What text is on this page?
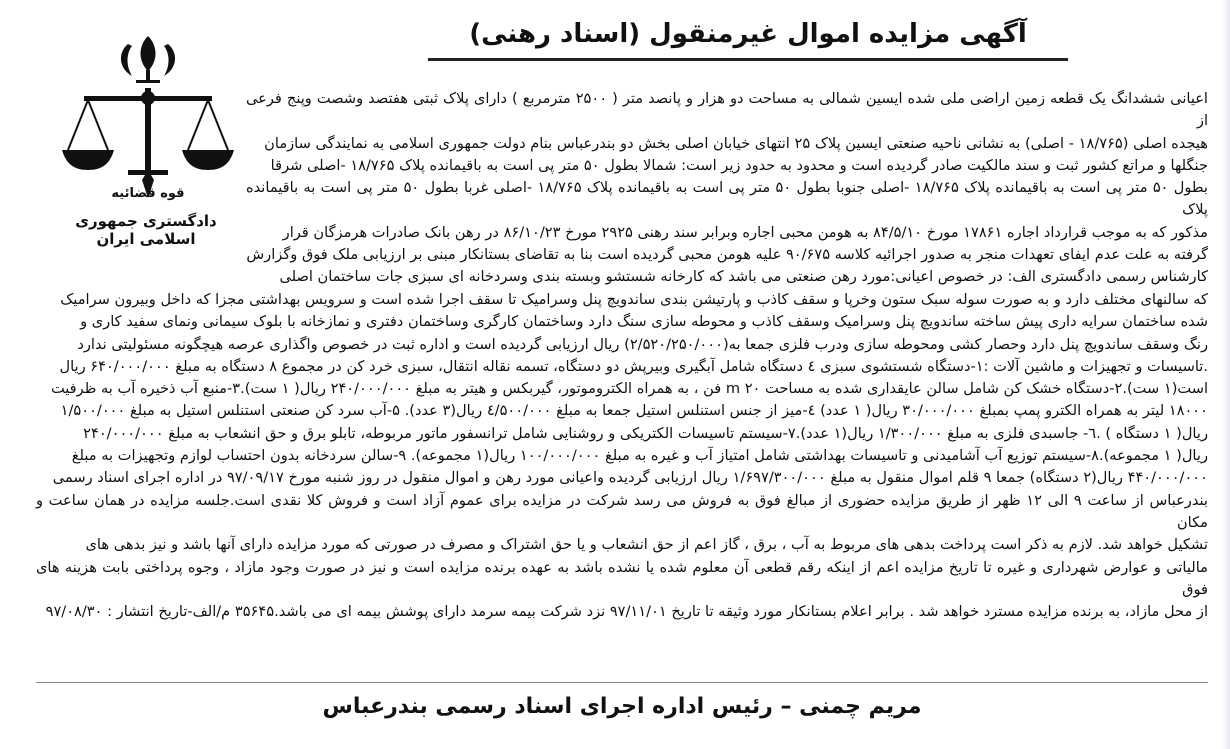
آگهی مزایده اموال غیرمنقول (اسناد رهنی)
قوه قضائیه
دادگستری جمهوری اسلامی ایران

اعیانی ششدانگ یک قطعه زمین اراضی ملی شده ایسین شمالی به مساحت دو هزار و پانصد متر ( ۲۵۰۰ مترمربع ) دارای پلاک ثبتی هفتصد وشصت وپنج فرعی از

هیجده اصلی (۱۸/۷۶۵ - اصلی) به نشانی ناحیه صنعتی ایسین پلاک ۲۵ انتهای خیابان اصلی بخش دو بندرعباس بنام دولت جمهوری اسلامی به نمایندگی سازمان

جنگلها و مراتع کشور ثبت و سند مالکیت صادر گردیده است و محدود به حدود زیر است: شمالا بطول ۵۰ متر پی است به باقیمانده پلاک ۱۸/۷۶۵ -اصلی شرقا

بطول ۵۰ متر پی است به باقیمانده پلاک ۱۸/۷۶۵ -اصلی جنوبا بطول ۵۰ متر پی است به باقیمانده پلاک ۱۸/۷۶۵ -اصلی غربا بطول ۵۰ متر پی است به باقیمانده پلاک

مذکور که به موجب قرارداد اجاره ۱۷۸۶۱ مورخ ۸۴/۵/۱۰ به هومن محبی اجاره وبرابر سند رهنی ۲۹۲۵ مورخ ۸۶/۱۰/۲۳ در رهن بانک صادرات هرمزگان قرار

گرفته به علت عدم ایفای تعهدات منجر به صدور اجرائیه کلاسه ۹۰/۶۷۵ علیه هومن محبی گردیده است بنا به تقاضای بستانکار مبنی بر ارزیابی ملک فوق وگزارش

کارشناس رسمی دادگستری الف: در خصوص اعیانی:مورد رهن صنعتی می باشد که کارخانه شستشو وبسته بندی وسردخانه ای سبزی جات ساختمان اصلی

که سالنهای مختلف دارد و به صورت سوله سبک ستون وخرپا و سقف کاذب و پارتیشن بندی ساندویچ پنل وسرامیک تا سقف اجرا شده است و سرویس بهداشتی مجزا که داخل وبیرون سرامیک

شده ساختمان سرایه داری پیش ساخته ساندویچ پنل وسرامیک وسقف کاذب و محوطه سازی سنگ دارد وساختمان کارگری وساختمان دفتری و نمازخانه با بلوک سیمانی ونمای سفید کاری و

رنگ وسقف ساندویچ پنل دارد وحصار کشی ومحوطه سازی ودرب فلزی جمعا به(۲/۵۲۰/۲۵۰/۰۰۰) ریال ارزیابی گردیده است و اداره ثبت در خصوص واگذاری عرصه هیچگونه مسئولیتی ندارد

.تاسیسات و تجهیزات و ماشین آلات :۱-دستگاه شستشوی سبزی ٤ دستگاه شامل آبگیری وبیرپش دو دستگاه، تسمه نقاله انتقال، سبزی خرد کن در مجموع ۸ دستگاه به مبلغ ۶۴۰/۰۰۰/۰۰۰ ریال

است(۱ ست).۲-دستگاه خشک کن شامل سالن عایقداری شده به مساحت ۲۰ m فن ، به همراه الکتروموتور، گیربکس و هیتر به مبلغ ۲۴۰/۰۰۰/۰۰۰ ریال( ۱ ست).۳-منبع آب ذخیره آب به ظرفیت

۱۸۰۰۰ لیتر به همراه الکترو پمپ بمبلغ ۳۰/۰۰۰/۰۰۰ ریال( ۱ عدد) ٤-میز از جنس استنلس استیل جمعا به مبلغ ٤/۵۰۰/۰۰۰ ریال(۳ عدد). ۵-آب سرد کن صنعتی استنلس استیل به مبلغ ۱/۵۰۰/۰۰۰

ریال( ۱ دستگاه ) .٦- جاسبدی فلزی به مبلغ ۱/۳۰۰/۰۰۰ ریال(۱ عدد).۷-سیستم تاسیسات الکتریکی و روشنایی شامل ترانسفور ماتور مربوطه، تابلو برق و حق انشعاب به مبلغ ۲۴۰/۰۰۰/۰۰۰

ریال( ۱ مجموعه).۸-سیستم توزیع آب آشامیدنی و تاسیسات بهداشتی شامل امتیاز آب و غیره به مبلغ ۱۰۰/۰۰۰/۰۰۰ ریال(۱ مجموعه). ۹-سالن سردخانه بدون احتساب لوازم وتجهیزات به مبلغ

۴۴۰/۰۰۰/۰۰۰ ریال(۲ دستگاه) جمعا ۹ قلم اموال منقول به مبلغ ۱/۶۹۷/۳۰۰/۰۰۰ ریال ارزیابی گردیده واعیانی مورد رهن و اموال منقول در روز شنبه مورخ ۹۷/۰۹/۱۷ در اداره اجرای اسناد رسمی

بندرعباس از ساعت ۹ الی ۱۲ ظهر از طریق مزایده حضوری از مبالغ فوق به فروش می رسد شرکت در مزایده برای عموم آزاد است و فروش کلا نقدی است.جلسه مزایده در همان ساعت و مکان

تشکیل خواهد شد. لازم به ذکر است پرداخت بدهی های مربوط به آب ، برق ، گاز اعم از حق انشعاب و یا حق اشتراک و مصرف در صورتی که مورد مزایده دارای آنها باشد و نیز بدهی های

مالیاتی و عوارض شهرداری و غیره تا تاریخ مزایده اعم از اینکه رقم قطعی آن معلوم شده یا نشده باشد به عهده برنده مزایده است و نیز در صورت وجود مازاد ، وجوه پرداختی بابت هزینه های فوق

از محل مازاد، به برنده مزایده مسترد خواهد شد . برابر اعلام بستانکار مورد وثیقه تا تاریخ ۹۷/۱۱/۰۱ نزد شرکت بیمه سرمد دارای پوشش بیمه ای می باشد.۳۵۶۴۵ م/الف-تاریخ انتشار : ۹۷/۰۸/۳۰

مریم چمنی – رئیس اداره اجرای اسناد رسمی بندرعباس
